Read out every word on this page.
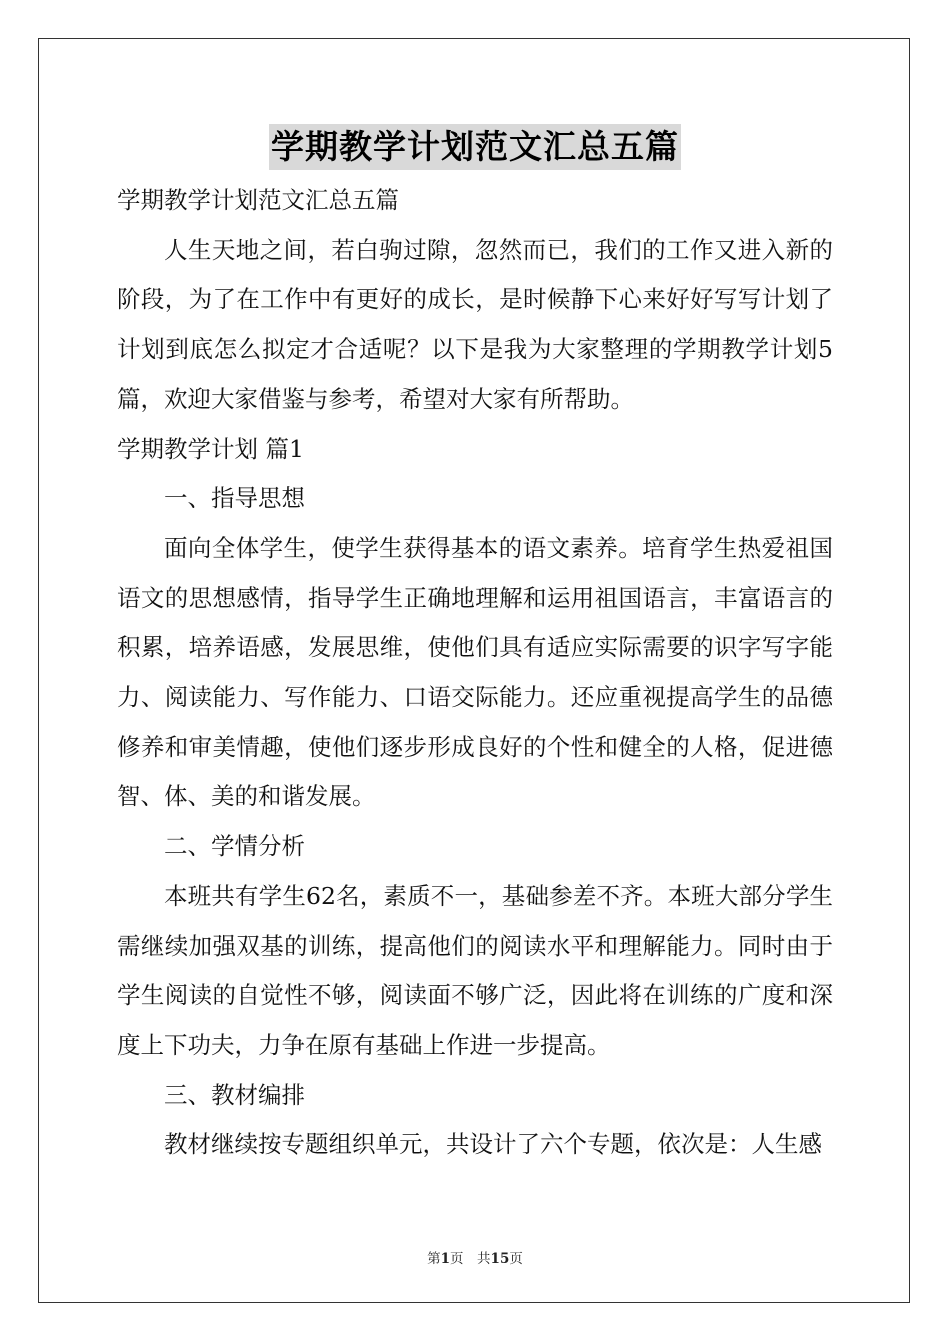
学期教学计划范文汇总五篇

学期教学计划范文汇总五篇

人生天地之间，若白驹过隙，忽然而已，我们的工作又进入新的阶段，为了在工作中有更好的成长，是时候静下心来好好写写计划了计划到底怎么拟定才合适呢？以下是我为大家整理的学期教学计划5篇，欢迎大家借鉴与参考，希望对大家有所帮助。

学期教学计划 篇1

一、指导思想

面向全体学生，使学生获得基本的语文素养。培育学生热爱祖国语文的思想感情，指导学生正确地理解和运用祖国语言，丰富语言的积累，培养语感，发展思维，使他们具有适应实际需要的识字写字能力、阅读能力、写作能力、口语交际能力。还应重视提高学生的品德修养和审美情趣，使他们逐步形成良好的个性和健全的人格，促进德智、体、美的和谐发展。

二、学情分析

本班共有学生62名，素质不一，基础参差不齐。本班大部分学生需继续加强双基的训练，提高他们的阅读水平和理解能力。同时由于学生阅读的自觉性不够，阅读面不够广泛，因此将在训练的广度和深度上下功夫，力争在原有基础上作进一步提高。

三、教材编排

教材继续按专题组织单元，共设计了六个专题，依次是：人生感

第1页　共15页
